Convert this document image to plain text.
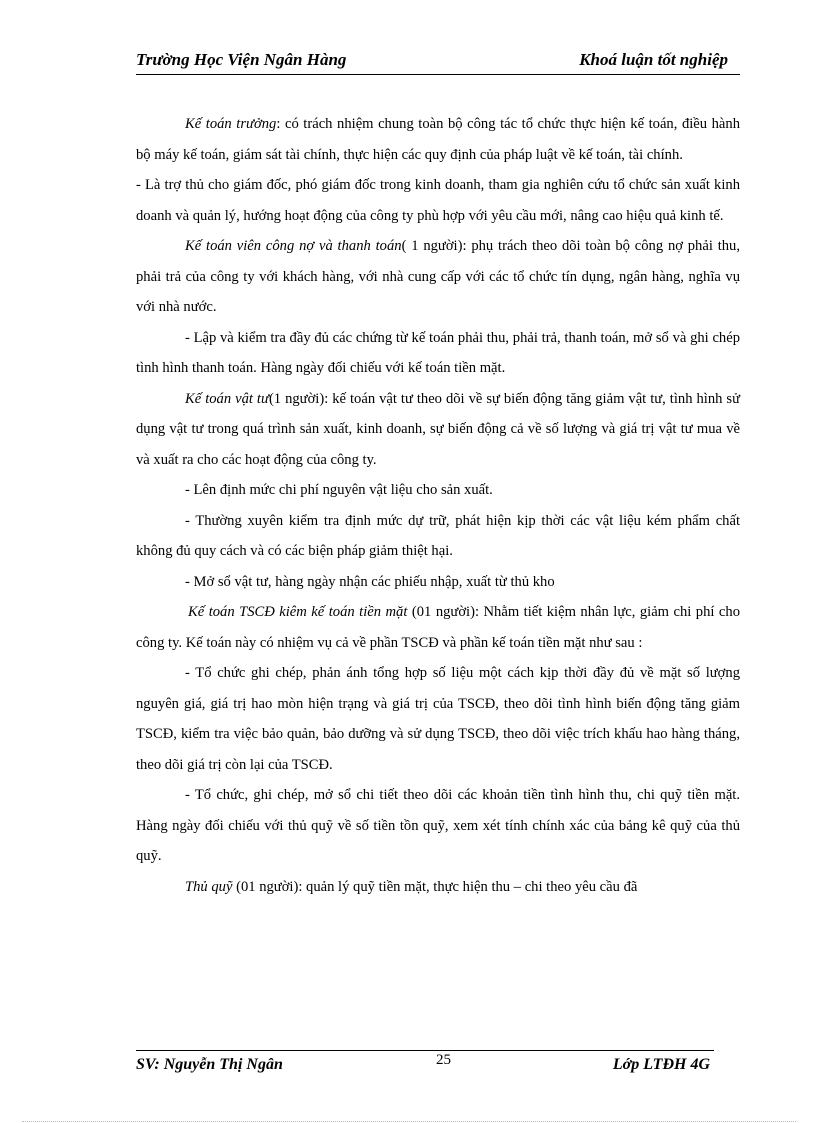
Trường Học Viện Ngân Hàng	Khoá luận tốt nghiệp

Kế toán trưởng: có trách nhiệm chung toàn bộ công tác tổ chức thực hiện kế toán, điều hành bộ máy kế toán, giám sát tài chính, thực hiện các quy định của pháp luật về kế toán, tài chính.

- Là trợ thủ cho giám đốc, phó giám đốc trong kinh doanh, tham gia nghiên cứu tổ chức sản xuất kinh doanh và quản lý, hướng hoạt động của công ty phù hợp với yêu cầu mới, nâng cao hiệu quả kinh tế.

Kế toán viên công nợ và thanh toán( 1 người): phụ trách theo dõi toàn bộ công nợ phải thu, phải trả của công ty với khách hàng, với nhà cung cấp với các tổ chức tín dụng, ngân hàng, nghĩa vụ với nhà nước.

- Lập và kiểm tra đầy đủ các chứng từ kế toán phải thu, phải trả, thanh toán, mở sổ và ghi chép tình hình thanh toán. Hàng ngày đối chiếu với kế toán tiền mặt.

Kế toán vật tư(1 người): kế toán vật tư theo dõi về sự biến động tăng giảm vật tư, tình hình sử dụng vật tư trong quá trình sản xuất, kinh doanh, sự biến động cả về số lượng và giá trị vật tư mua về và xuất ra cho các hoạt động của công ty.

- Lên định mức chi phí nguyên vật liệu cho sản xuất.

- Thường xuyên kiểm tra định mức dự trữ, phát hiện kịp thời các vật liệu kém phẩm chất không đủ quy cách và có các biện pháp giảm thiệt hại.

- Mở sổ vật tư, hàng ngày nhận các phiếu nhập, xuất từ thủ kho

Kế toán TSCĐ kiêm kế toán tiền mặt (01 người): Nhằm tiết kiệm nhân lực, giảm chi phí cho công ty. Kế toán này có nhiệm vụ cả về phần TSCĐ và phần kế toán tiền mặt như sau :

- Tổ chức ghi chép, phản ánh tổng hợp số liệu một cách kịp thời đầy đủ về mặt số lượng nguyên giá, giá trị hao mòn hiện trạng và giá trị của TSCĐ, theo dõi tình hình biến động tăng giảm TSCĐ, kiểm tra việc bảo quản, bảo dưỡng và sử dụng TSCĐ, theo dõi việc trích khấu hao hàng tháng, theo dõi giá trị còn lại của TSCĐ.

- Tổ chức, ghi chép, mở sổ chi tiết theo dõi các khoản tiền tình hình thu, chi quỹ tiền mặt. Hàng ngày đối chiếu với thủ quỹ về số tiền tồn quỹ, xem xét tính chính xác của bảng kê quỹ của thủ quỹ.

Thủ quỹ (01 người): quản lý quỹ tiền mặt, thực hiện thu – chi theo yêu cầu đã

SV: Nguyễn Thị Ngân	25	Lớp LTĐH 4G
